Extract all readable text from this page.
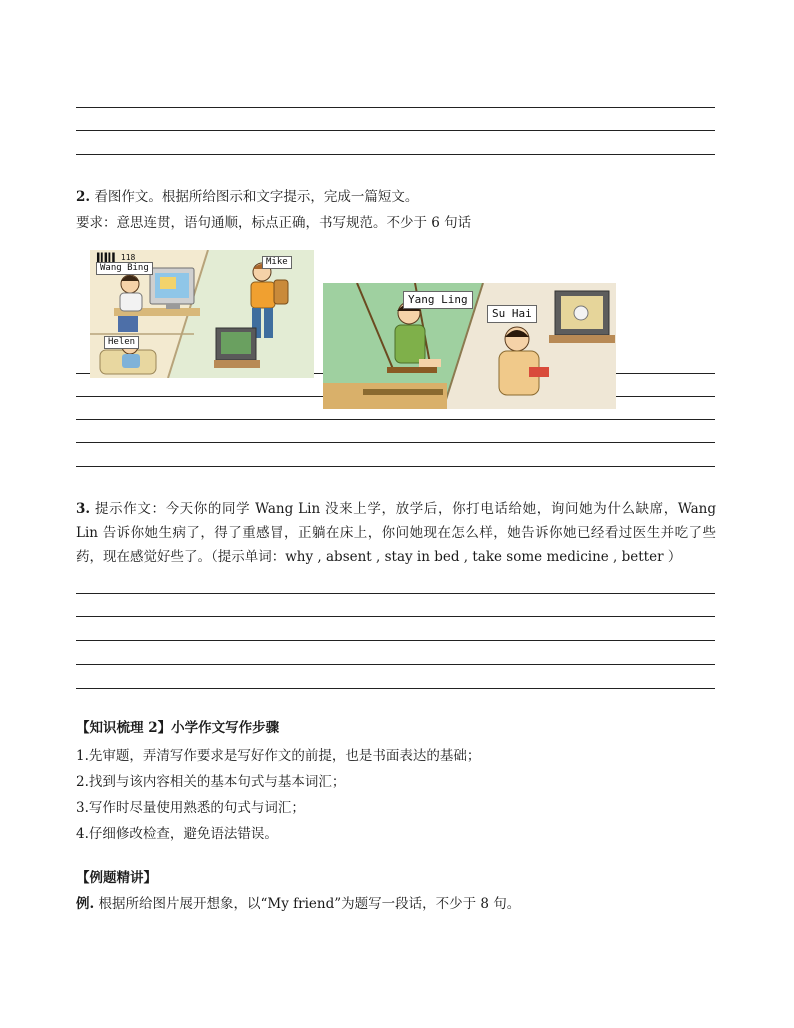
2. 看图作文。根据所给图示和文字提示，完成一篇短文。
要求：意思连贯，语句通顺，标点正确，书写规范。不少于 6 句话
▌▍▌▍▌ 118
Wang Bing
Mike
Helen
Yang Ling
Su Hai
3. 提示作文：今天你的同学 Wang Lin 没来上学，放学后，你打电话给她，询问她为什么缺席，Wang Lin 告诉你她生病了，得了重感冒，正躺在床上，你问她现在怎么样，她告诉你她已经看过医生并吃了些药，现在感觉好些了。（提示单词：why , absent , stay in bed , take some medicine , better ）
【知识梳理 2】小学作文写作步骤
1.先审题，弄清写作要求是写好作文的前提，也是书面表达的基础；
2.找到与该内容相关的基本句式与基本词汇；
3.写作时尽量使用熟悉的句式与词汇；
4.仔细修改检查，避免语法错误。
【例题精讲】
例. 根据所给图片展开想象，以“My friend”为题写一段话，不少于 8 句。
